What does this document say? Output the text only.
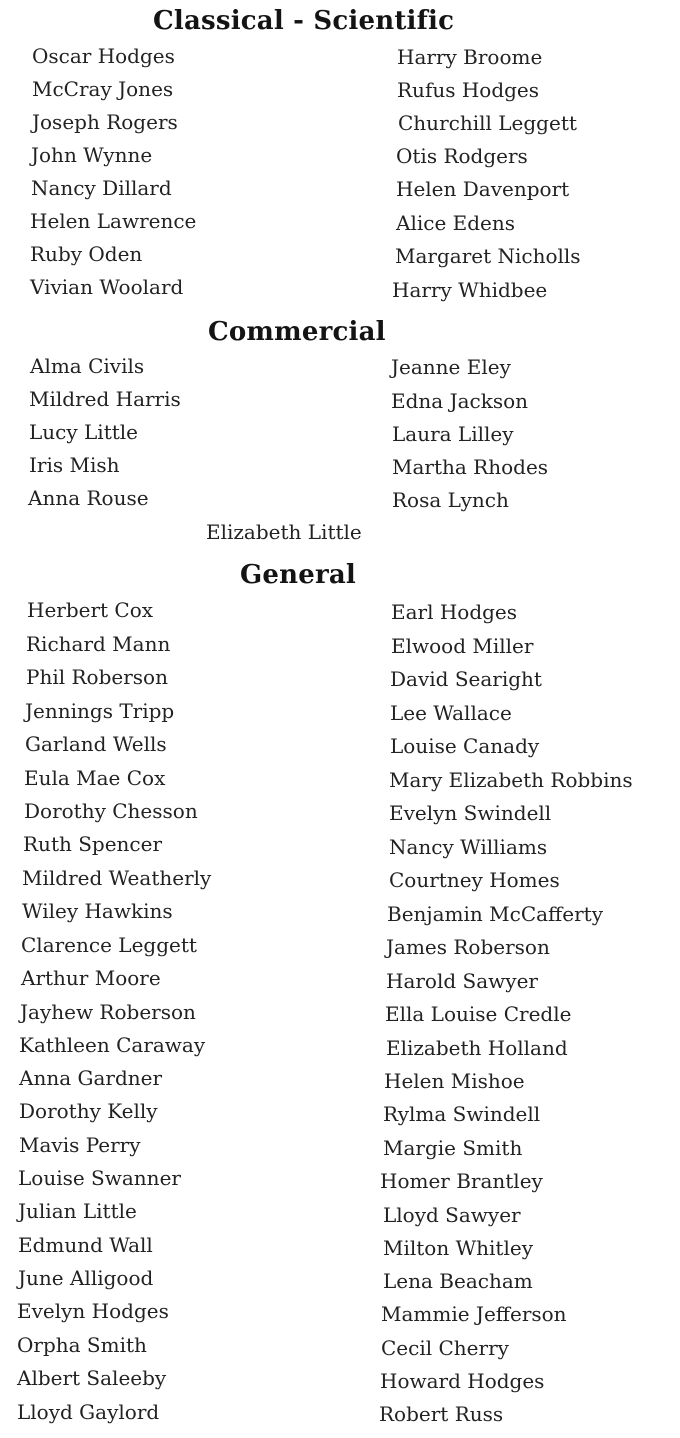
Classical - Scientific
Oscar Hodges
McCray Jones
Joseph Rogers
John Wynne
Nancy Dillard
Helen Lawrence
Ruby Oden
Vivian Woolard
Harry Broome
Rufus Hodges
Churchill Leggett
Otis Rodgers
Helen Davenport
Alice Edens
Margaret Nicholls
Harry Whidbee
Commercial
Alma Civils
Mildred Harris
Lucy Little
Iris Mish
Anna Rouse
Jeanne Eley
Edna Jackson
Laura Lilley
Martha Rhodes
Rosa Lynch
Elizabeth Little
General
Herbert Cox
Richard Mann
Phil Roberson
Jennings Tripp
Garland Wells
Eula Mae Cox
Dorothy Chesson
Ruth Spencer
Mildred Weatherly
Wiley Hawkins
Clarence Leggett
Arthur Moore
Jayhew Roberson
Kathleen Caraway
Anna Gardner
Dorothy Kelly
Mavis Perry
Louise Swanner
Julian Little
Edmund Wall
June Alligood
Evelyn Hodges
Orpha Smith
Albert Saleeby
Lloyd Gaylord
Earl Hodges
Elwood Miller
David Searight
Lee Wallace
Louise Canady
Mary Elizabeth Robbins
Evelyn Swindell
Nancy Williams
Courtney Homes
Benjamin McCafferty
James Roberson
Harold Sawyer
Ella Louise Credle
Elizabeth Holland
Helen Mishoe
Rylma Swindell
Margie Smith
Homer Brantley
Lloyd Sawyer
Milton Whitley
Lena Beacham
Mammie Jefferson
Cecil Cherry
Howard Hodges
Robert Russ
